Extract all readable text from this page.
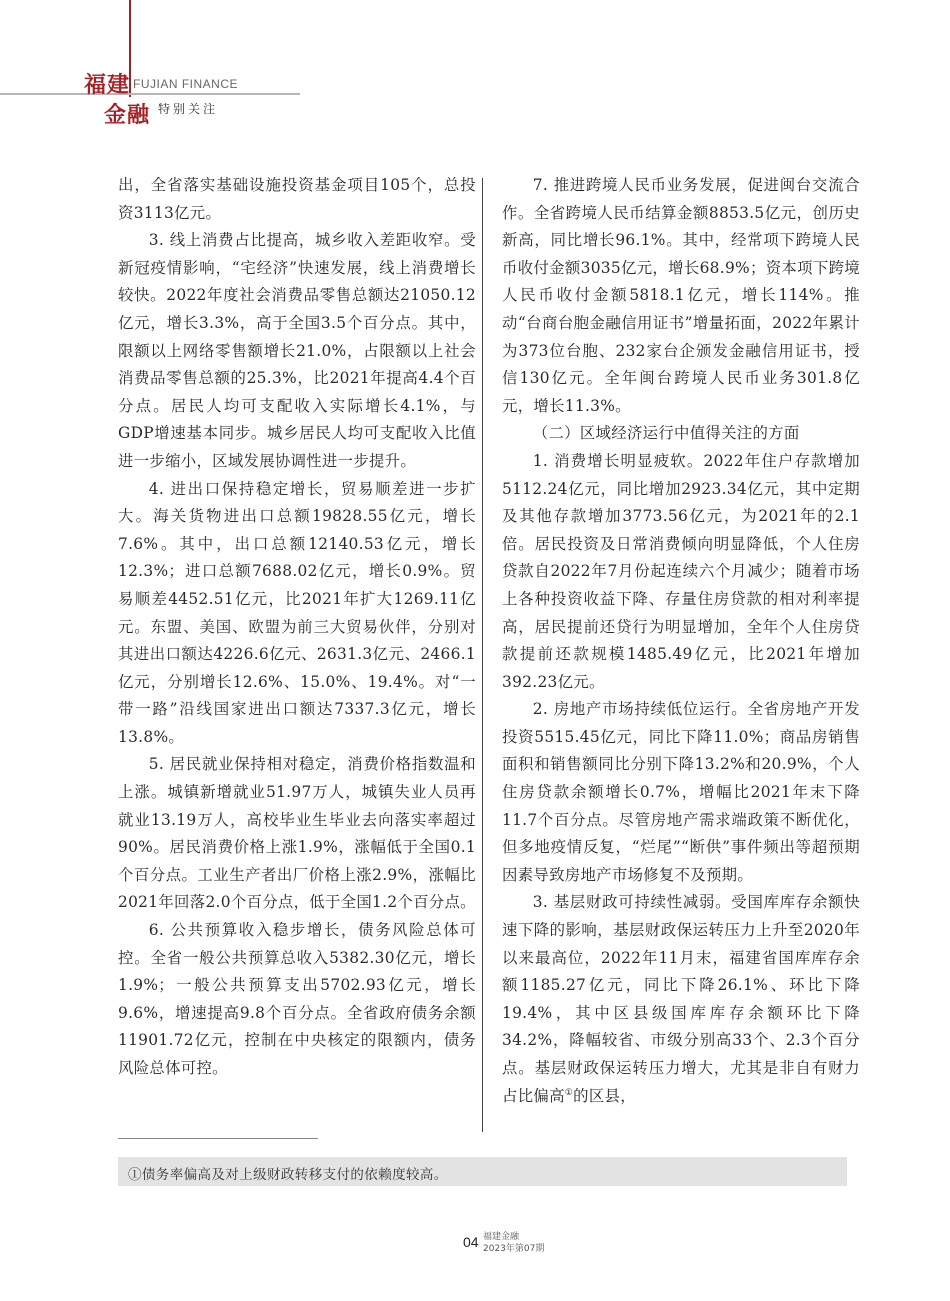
福建 FUJIAN FINANCE
金融 特别关注

出，全省落实基础设施投资基金项目105个，总投资3113亿元。

3. 线上消费占比提高，城乡收入差距收窄。受新冠疫情影响，“宅经济”快速发展，线上消费增长较快。2022年度社会消费品零售总额达21050.12亿元，增长3.3%，高于全国3.5个百分点。其中，限额以上网络零售额增长21.0%，占限额以上社会消费品零售总额的25.3%，比2021年提高4.4个百分点。居民人均可支配收入实际增长4.1%，与GDP增速基本同步。城乡居民人均可支配收入比值进一步缩小，区域发展协调性进一步提升。

4. 进出口保持稳定增长，贸易顺差进一步扩大。海关货物进出口总额19828.55亿元，增长7.6%。其中，出口总额12140.53亿元，增长12.3%；进口总额7688.02亿元，增长0.9%。贸易顺差4452.51亿元，比2021年扩大1269.11亿元。东盟、美国、欧盟为前三大贸易伙伴，分别对其进出口额达4226.6亿元、2631.3亿元、2466.1亿元，分别增长12.6%、15.0%、19.4%。对“一带一路”沿线国家进出口额达7337.3亿元，增长13.8%。

5. 居民就业保持相对稳定，消费价格指数温和上涨。城镇新增就业51.97万人，城镇失业人员再就业13.19万人，高校毕业生毕业去向落实率超过90%。居民消费价格上涨1.9%，涨幅低于全国0.1个百分点。工业生产者出厂价格上涨2.9%，涨幅比2021年回落2.0个百分点，低于全国1.2个百分点。

6. 公共预算收入稳步增长，债务风险总体可控。全省一般公共预算总收入5382.30亿元，增长1.9%；一般公共预算支出5702.93亿元，增长9.6%，增速提高9.8个百分点。全省政府债务余额11901.72亿元，控制在中央核定的限额内，债务风险总体可控。

7. 推进跨境人民币业务发展，促进闽台交流合作。全省跨境人民币结算金额8853.5亿元，创历史新高，同比增长96.1%。其中，经常项下跨境人民币收付金额3035亿元，增长68.9%；资本项下跨境人民币收付金额5818.1亿元，增长114%。推动“台商台胞金融信用证书”增量拓面，2022年累计为373位台胞、232家台企颁发金融信用证书，授信130亿元。全年闽台跨境人民币业务301.8亿元，增长11.3%。

（二）区域经济运行中值得关注的方面

1. 消费增长明显疲软。2022年住户存款增加5112.24亿元，同比增加2923.34亿元，其中定期及其他存款增加3773.56亿元，为2021年的2.1倍。居民投资及日常消费倾向明显降低，个人住房贷款自2022年7月份起连续六个月减少；随着市场上各种投资收益下降、存量住房贷款的相对利率提高，居民提前还贷行为明显增加，全年个人住房贷款提前还款规模1485.49亿元，比2021年增加392.23亿元。

2. 房地产市场持续低位运行。全省房地产开发投资5515.45亿元，同比下降11.0%；商品房销售面积和销售额同比分别下降13.2%和20.9%，个人住房贷款余额增长0.7%，增幅比2021年末下降11.7个百分点。尽管房地产需求端政策不断优化，但多地疫情反复，“烂尾”“断供”事件频出等超预期因素导致房地产市场修复不及预期。

3. 基层财政可持续性减弱。受国库库存余额快速下降的影响，基层财政保运转压力上升至2020年以来最高位，2022年11月末，福建省国库库存余额1185.27亿元，同比下降26.1%、环比下降19.4%，其中区县级国库库存余额环比下降34.2%，降幅较省、市级分别高33个、2.3个百分点。基层财政保运转压力增大，尤其是非自有财力占比偏高①的区县，

①债务率偏高及对上级财政转移支付的依赖度较高。
04 福建金融
2023年第07期
